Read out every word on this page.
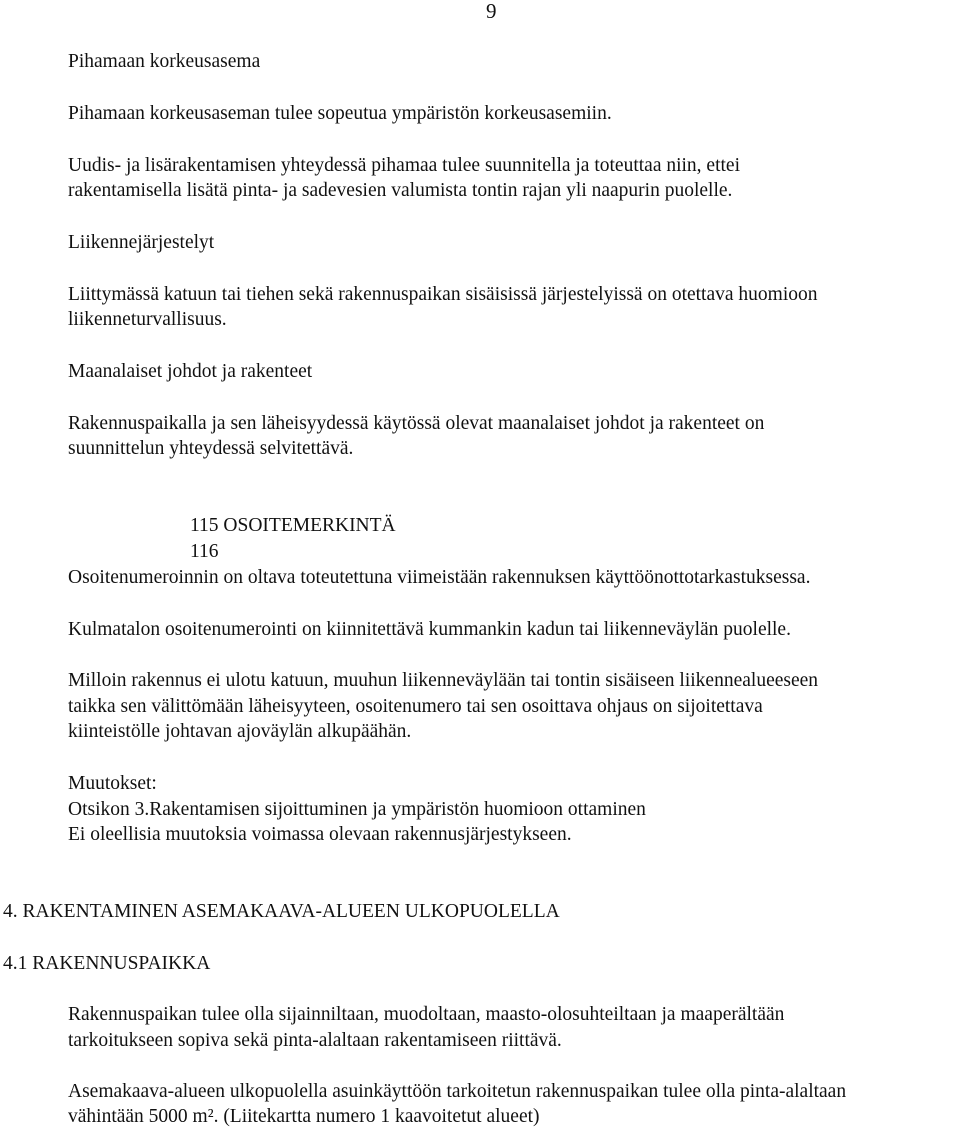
9
Pihamaan korkeusasema
Pihamaan korkeusaseman tulee sopeutua ympäristön korkeusasemiin.
Uudis- ja lisärakentamisen yhteydessä pihamaa tulee suunnitella ja toteuttaa niin, ettei
rakentamisella lisätä pinta- ja sadevesien valumista tontin rajan yli naapurin puolelle.
Liikennejärjestelyt
Liittymässä katuun tai tiehen sekä rakennuspaikan sisäisissä järjestelyissä on otettava huomioon
liikenneturvallisuus.
Maanalaiset johdot ja rakenteet
Rakennuspaikalla ja sen läheisyydessä käytössä olevat maanalaiset johdot ja rakenteet on
suunnittelun yhteydessä selvitettävä.
115 OSOITEMERKINTÄ
116
Osoitenumeroinnin on oltava toteutettuna viimeistään rakennuksen käyttöönottotarkastuksessa.
Kulmatalon osoitenumerointi on kiinnitettävä kummankin kadun tai liikenneväylän puolelle.
Milloin rakennus ei ulotu katuun, muuhun liikenneväylään tai tontin sisäiseen liikennealueeseen
taikka sen välittömään läheisyyteen, osoitenumero tai sen osoittava ohjaus on sijoitettava
kiinteistölle johtavan ajoväylän alkupäähän.
Muutokset:
Otsikon 3.Rakentamisen sijoittuminen ja ympäristön huomioon ottaminen
Ei oleellisia muutoksia voimassa olevaan rakennusjärjestykseen.
4. RAKENTAMINEN ASEMAKAAVA-ALUEEN ULKOPUOLELLA
4.1 RAKENNUSPAIKKA
Rakennuspaikan tulee olla sijainniltaan, muodoltaan, maasto-olosuhteiltaan ja maaperältään
tarkoitukseen sopiva sekä pinta-alaltaan rakentamiseen riittävä.
Asemakaava-alueen ulkopuolella asuinkäyttöön tarkoitetun rakennuspaikan tulee olla pinta-alaltaan
vähintään 5000 m². (Liitekartta numero 1 kaavoitetut alueet)
